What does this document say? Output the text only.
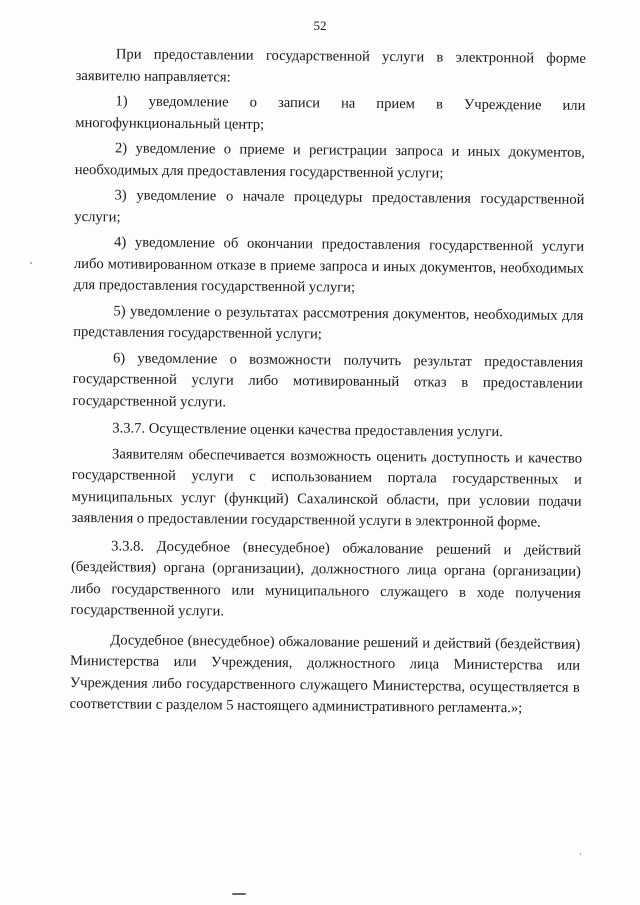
52

При предоставлении государственной услуги в электронной форме заявителю направляется:

1) уведомление о записи на прием в Учреждение или многофункциональный центр;

2) уведомление о приеме и регистрации запроса и иных документов, необходимых для предоставления государственной услуги;

3) уведомление о начале процедуры предоставления государственной услуги;

4) уведомление об окончании предоставления государственной услуги либо мотивированном отказе в приеме запроса и иных документов, необходимых для предоставления государственной услуги;

5) уведомление о результатах рассмотрения документов, необходимых для представления государственной услуги;

6) уведомление о возможности получить результат предоставления государственной услуги либо мотивированный отказ в предоставлении государственной услуги.

3.3.7. Осуществление оценки качества предоставления услуги.

Заявителям обеспечивается возможность оценить доступность и качество государственной услуги с использованием портала государственных и муниципальных услуг (функций) Сахалинской области, при условии подачи заявления о предоставлении государственной услуги в электронной форме.

3.3.8. Досудебное (внесудебное) обжалование решений и действий (бездействия) органа (организации), должностного лица органа (организации) либо государственного или муниципального служащего в ходе получения государственной услуги.

Досудебное (внесудебное) обжалование решений и действий (бездействия) Министерства или Учреждения, должностного лица Министерства или Учреждения либо государственного служащего Министерства, осуществляется в соответствии с разделом 5 настоящего административного регламента.»;
